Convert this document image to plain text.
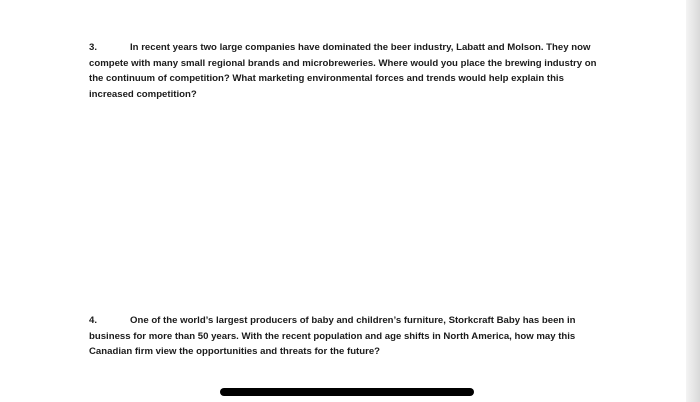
3.	In recent years two large companies have dominated the beer industry, Labatt and Molson. They now compete with many small regional brands and microbreweries. Where would you place the brewing industry on the continuum of competition? What marketing environmental forces and trends would help explain this increased competition?
4.	One of the world’s largest producers of baby and children’s furniture, Storkcraft Baby has been in business for more than 50 years. With the recent population and age shifts in North America, how may this Canadian firm view the opportunities and threats for the future?
